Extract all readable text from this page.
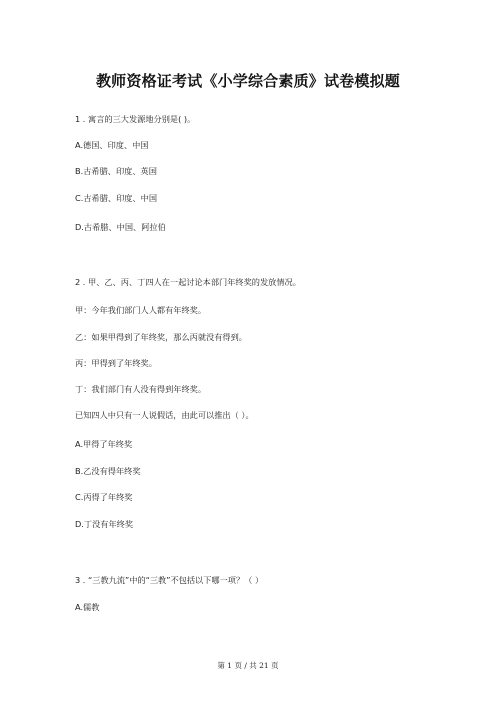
教师资格证考试《小学综合素质》试卷模拟题
1 . 寓言的三大发源地分别是( )。
A.德国、印度、中国
B.古希腊、印度、英国
C.古希腊、印度、中国
D.古希腊、中国、阿拉伯
2 . 甲、乙、丙、丁四人在一起讨论本部门年终奖的发放情况。
甲：今年我们部门人人都有年终奖。
乙：如果甲得到了年终奖，那么丙就没有得到。
丙：甲得到了年终奖。
丁：我们部门有人没有得到年终奖。
已知四人中只有一人说假话，由此可以推出（ ）。
A.甲得了年终奖
B.乙没有得年终奖
C.丙得了年终奖
D.丁没有年终奖
3 . “三教九流”中的“三教”不包括以下哪一项？（ ）
A.儒教
第 1 页 / 共 21 页
